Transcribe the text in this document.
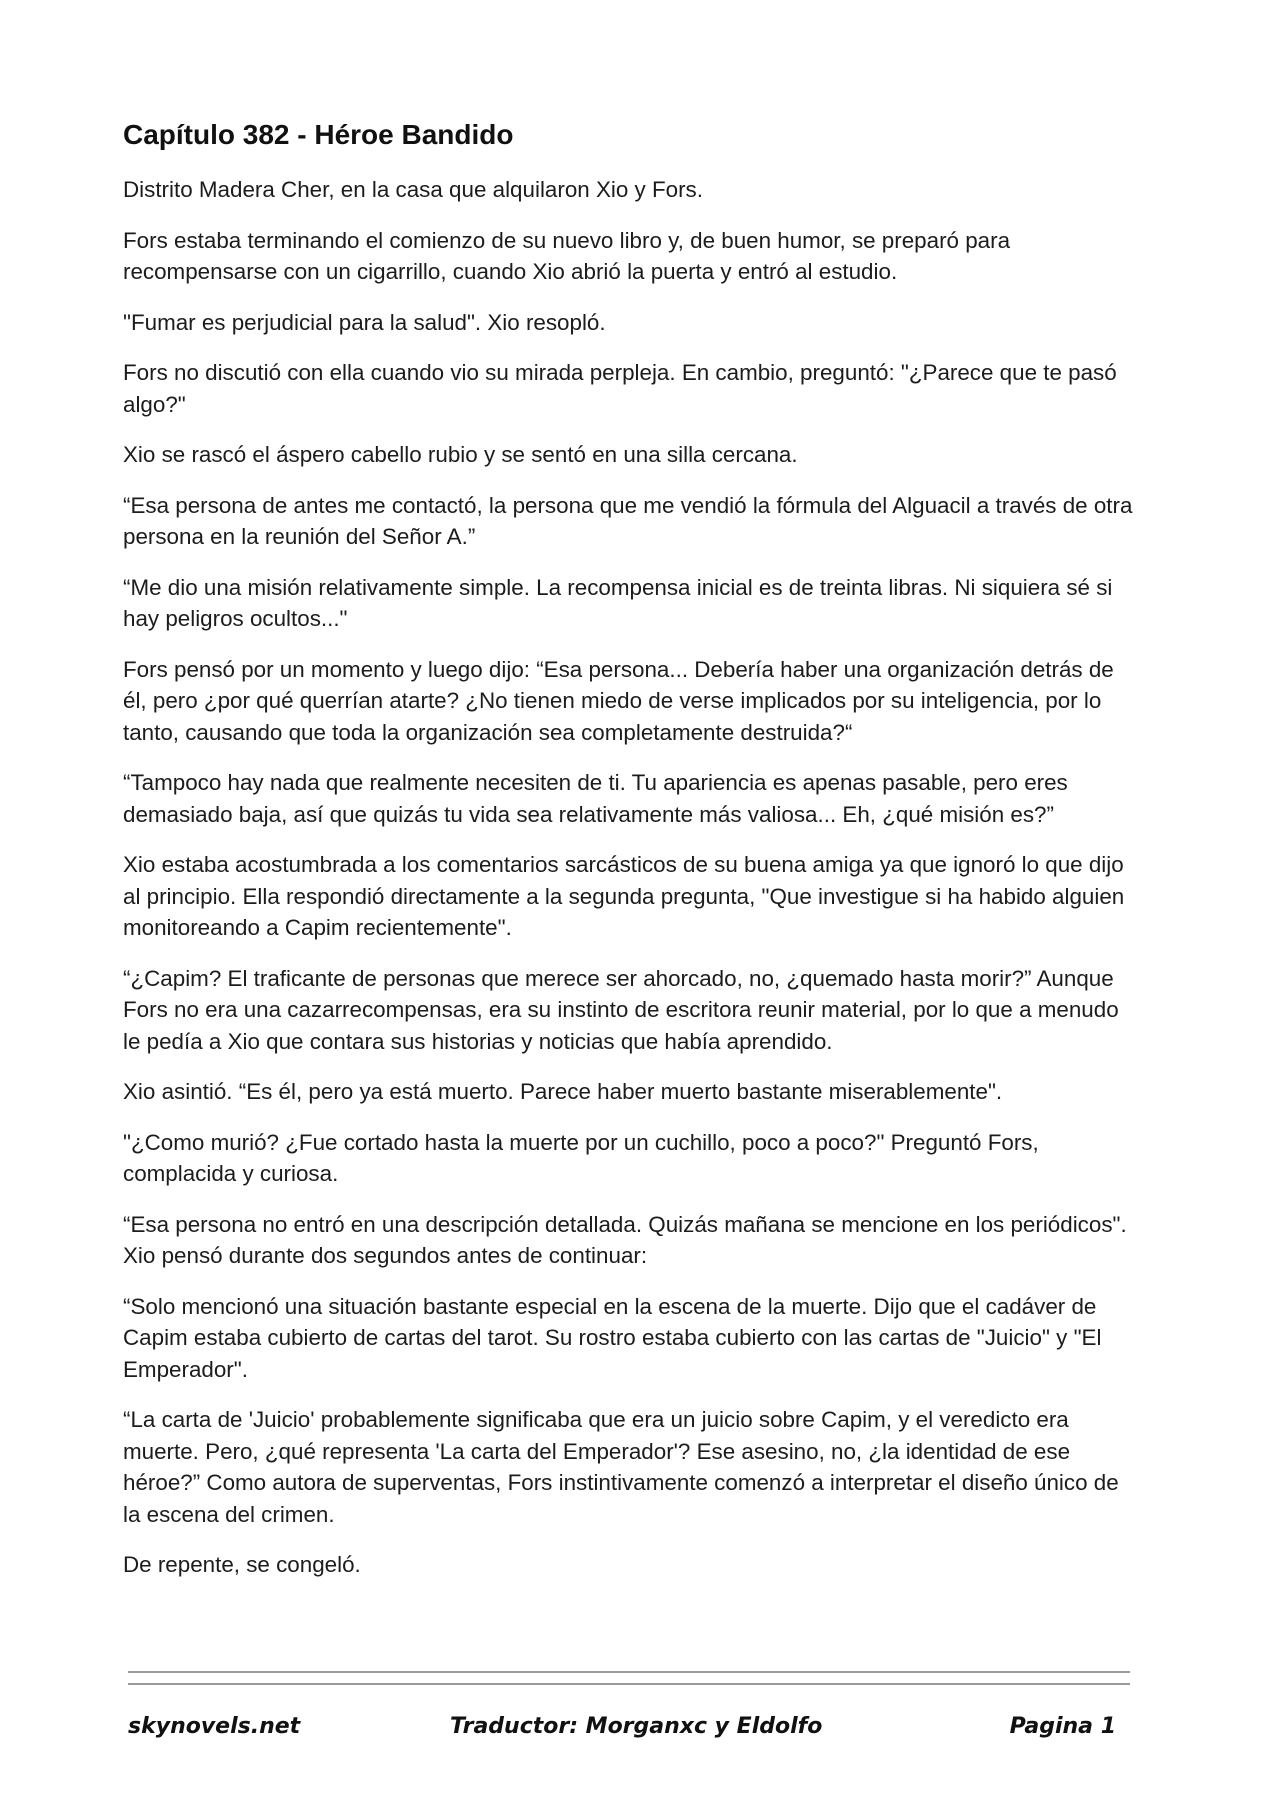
Capítulo 382 - Héroe Bandido

Distrito Madera Cher, en la casa que alquilaron Xio y Fors.

Fors estaba terminando el comienzo de su nuevo libro y, de buen humor, se preparó para recompensarse con un cigarrillo, cuando Xio abrió la puerta y entró al estudio.

"Fumar es perjudicial para la salud". Xio resopló.

Fors no discutió con ella cuando vio su mirada perpleja. En cambio, preguntó: "¿Parece que te pasó algo?"

Xio se rascó el áspero cabello rubio y se sentó en una silla cercana.

“Esa persona de antes me contactó, la persona que me vendió la fórmula del Alguacil a través de otra persona en la reunión del Señor A.”

“Me dio una misión relativamente simple. La recompensa inicial es de treinta libras. Ni siquiera sé si hay peligros ocultos..."

Fors pensó por un momento y luego dijo: “Esa persona... Debería haber una organización detrás de él, pero ¿por qué querrían atarte? ¿No tienen miedo de verse implicados por su inteligencia, por lo tanto, causando que toda la organización sea completamente destruida?“

“Tampoco hay nada que realmente necesiten de ti. Tu apariencia es apenas pasable, pero eres demasiado baja, así que quizás tu vida sea relativamente más valiosa... Eh, ¿qué misión es?”

Xio estaba acostumbrada a los comentarios sarcásticos de su buena amiga ya que ignoró lo que dijo al principio. Ella respondió directamente a la segunda pregunta, "Que investigue si ha habido alguien monitoreando a Capim recientemente".

“¿Capim? El traficante de personas que merece ser ahorcado, no, ¿quemado hasta morir?” Aunque Fors no era una cazarrecompensas, era su instinto de escritora reunir material, por lo que a menudo le pedía a Xio que contara sus historias y noticias que había aprendido.

Xio asintió. “Es él, pero ya está muerto. Parece haber muerto bastante miserablemente".

"¿Como murió? ¿Fue cortado hasta la muerte por un cuchillo, poco a poco?" Preguntó Fors, complacida y curiosa.

“Esa persona no entró en una descripción detallada. Quizás mañana se mencione en los periódicos". Xio pensó durante dos segundos antes de continuar:

“Solo mencionó una situación bastante especial en la escena de la muerte. Dijo que el cadáver de Capim estaba cubierto de cartas del tarot. Su rostro estaba cubierto con las cartas de "Juicio" y "El Emperador".

“La carta de 'Juicio' probablemente significaba que era un juicio sobre Capim, y el veredicto era muerte. Pero, ¿qué representa 'La carta del Emperador'? Ese asesino, no, ¿la identidad de ese héroe?” Como autora de superventas, Fors instintivamente comenzó a interpretar el diseño único de la escena del crimen.

De repente, se congeló.

skynovels.net	Traductor: Morganxc y Eldolfo	Pagina 1
